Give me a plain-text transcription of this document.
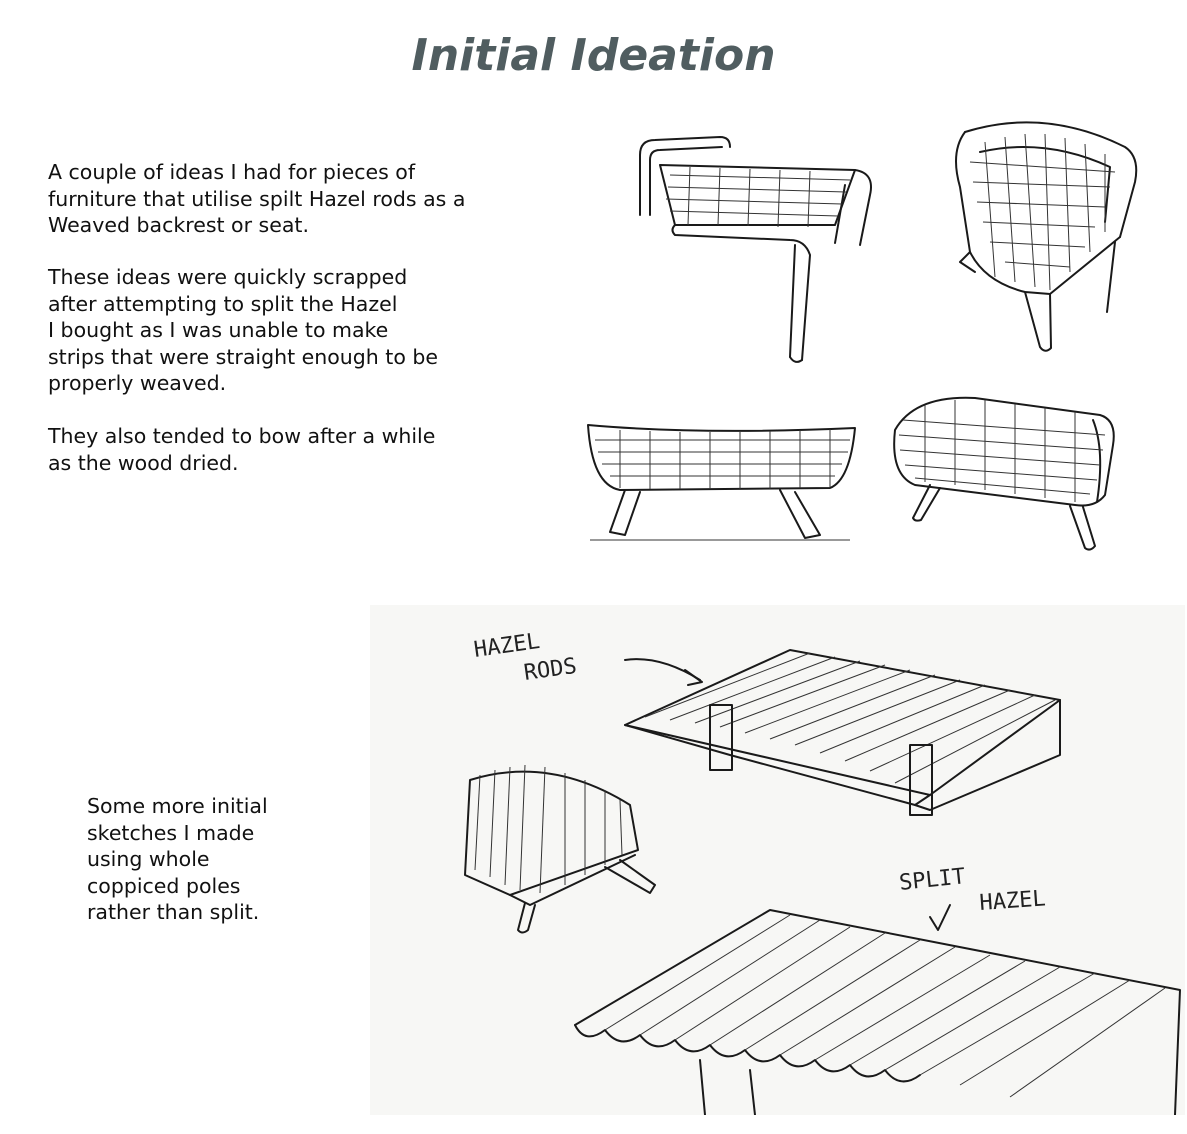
Initial Ideation

A couple of ideas I had for pieces of
furniture that utilise spilt Hazel rods as a
Weaved backrest or seat.

These ideas were quickly scrapped
after attempting to split the Hazel
I bought as I was unable to make
strips that were straight enough to be
properly weaved.

They also tended to bow after a while
as the wood dried.

Some more initial
sketches I made
using whole
coppiced poles
rather than split.

HAZEL
RODS
SPLIT
HAZEL
